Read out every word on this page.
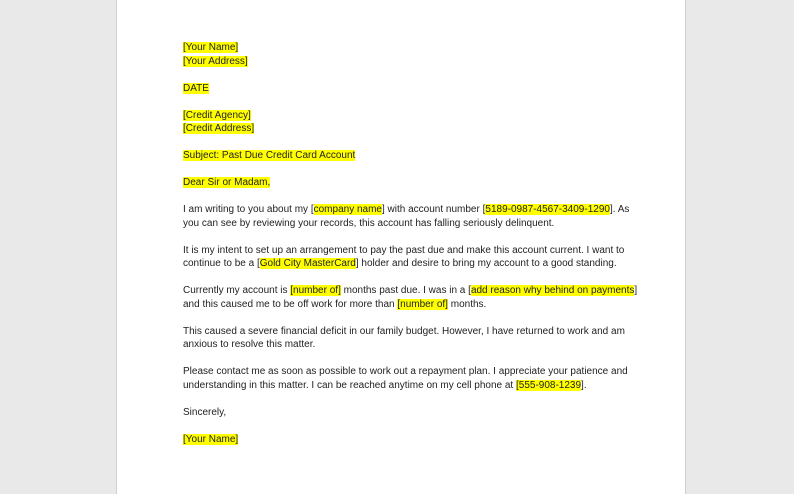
[Your Name]
[Your Address]
DATE
[Credit Agency]
[Credit Address]
Subject: Past Due Credit Card Account
Dear Sir or Madam,

I am writing to you about my [company name] with account number [5189-0987-4567-3409-1290]. As
you can see by reviewing your records, this account has falling seriously delinquent.

It is my intent to set up an arrangement to pay the past due and make this account current. I want to
continue to be a [Gold City MasterCard] holder and desire to bring my account to a good standing.

Currently my account is [number of] months past due. I was in a [add reason why behind on payments]
and this caused me to be off work for more than [number of] months.

This caused a severe financial deficit in our family budget. However, I have returned to work and am
anxious to resolve this matter.

Please contact me as soon as possible to work out a repayment plan. I appreciate your patience and
understanding in this matter. I can be reached anytime on my cell phone at [555-908-1239].

Sincerely,
[Your Name]
